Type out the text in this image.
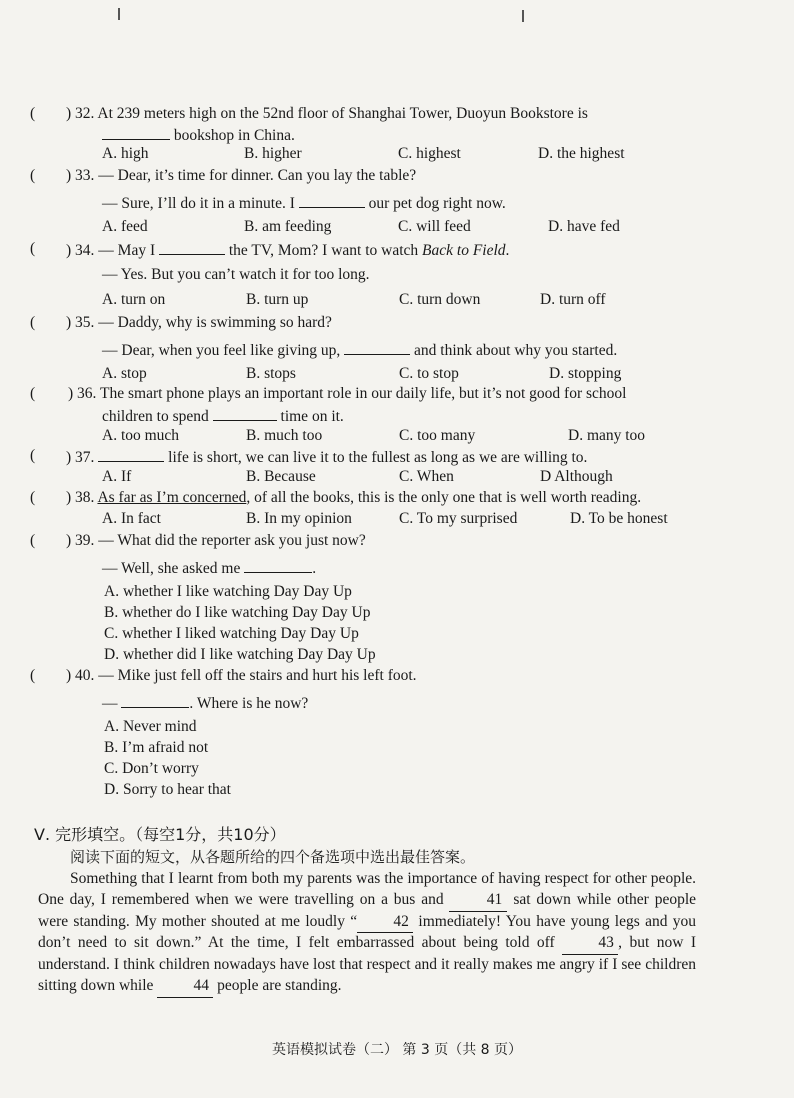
(	) 32. At 239 meters high on the 52nd floor of Shanghai Tower, Duoyun Bookstore is
bookshop in China.
A. high	B. higher	C. highest	D. the highest
(	) 33. — Dear, it’s time for dinner. Can you lay the table?
— Sure, I’ll do it in a minute. I	our pet dog right now.
A. feed	B. am feeding	C. will feed	D. have fed
(	) 34. — May I	the TV, Mom? I want to watch Back to Field.
— Yes. But you can’t watch it for too long.
A. turn on	B. turn up	C. turn down	D. turn off
(	) 35. — Daddy, why is swimming so hard?
— Dear, when you feel like giving up,	and think about why you started.
A. stop	B. stops	C. to stop	D. stopping
(	) 36. The smart phone plays an important role in our daily life, but it’s not good for school
children to spend	time on it.
A. too much	B. much too	C. too many	D. many too
(	) 37.	life is short, we can live it to the fullest as long as we are willing to.
A. If	B. Because	C. When	D Although
(	) 38. As far as I’m concerned, of all the books, this is the only one that is well worth reading.
A. In fact	B. In my opinion	C. To my surprised	D. To be honest
(	) 39. — What did the reporter ask you just now?
— Well, she asked me	.
A. whether I like watching Day Day Up
B. whether do I like watching Day Day Up
C. whether I liked watching Day Day Up
D. whether did I like watching Day Day Up
(	) 40. — Mike just fell off the stairs and hurt his left foot.
—	. Where is he now?
A. Never mind
B. I’m afraid not
C. Don’t worry
D. Sorry to hear that
Ⅴ. 完形填空。（每空1分，共10分）
阅读下面的短文，从各题所给的四个备选项中选出最佳答案。

Something that I learnt from both my parents was the importance of having respect for other people. One day, I remembered when we were travelling on a bus and	41 sat down while other people were standing. My mother shouted at me loudly “ 42 immediately! You have young legs and you don’t need to sit down.” At the time, I felt embarrassed about being told off	43 , but now I understand. I think children nowadays have lost that respect and it really makes me angry if I see children sitting down while	44 people are standing.

英语模拟试卷（二） 第 3 页（共 8 页）
